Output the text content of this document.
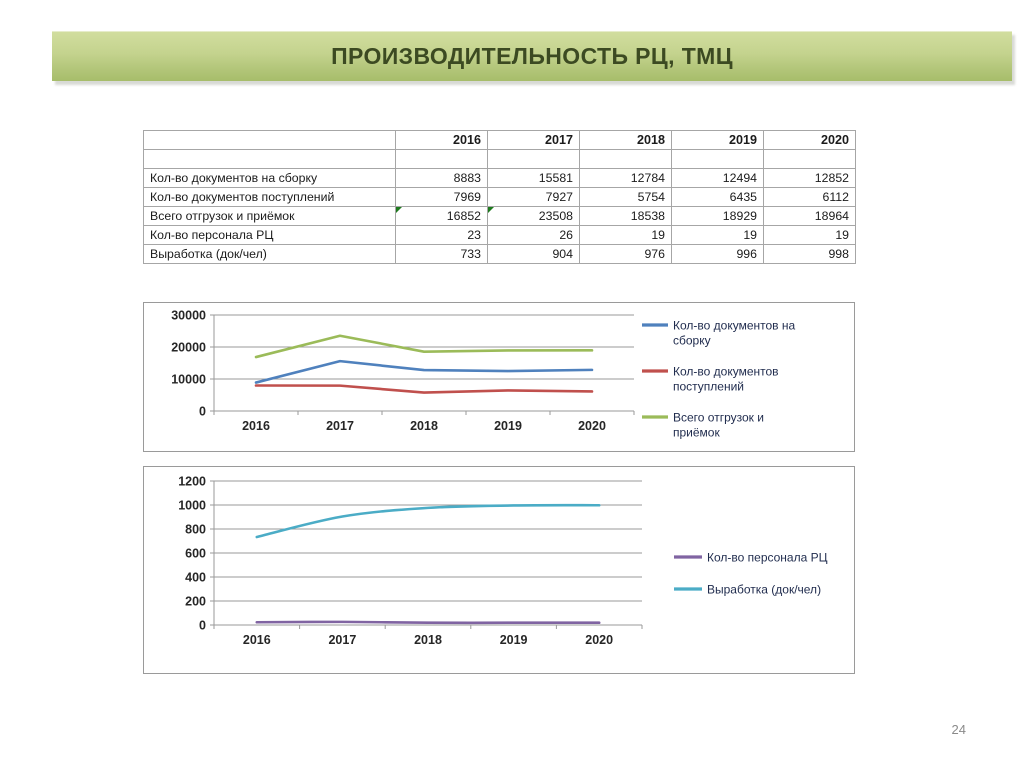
ПРОИЗВОДИТЕЛЬНОСТЬ РЦ, ТМЦ
	2016	2017	2018	2019	2020

Кол-во документов на сборку	8883	15581	12784	12494	12852
Кол-во документов поступлений	7969	7927	5754	6435	6112
Всего отгрузок и приёмок	16852	23508	18538	18929	18964
Кол-во персонала РЦ	23	26	19	19	19
Выработка (док/чел)	733	904	976	996	998
0
10000
20000
30000
2016	2017	2018	2019	2020
Кол-во документов на сборку
Кол-во документов поступлений
Всего отгрузок и приёмок
0
200
400
600
800
1000
1200
2016	2017	2018	2019	2020
Кол-во персонала РЦ
Выработка (док/чел)
24
